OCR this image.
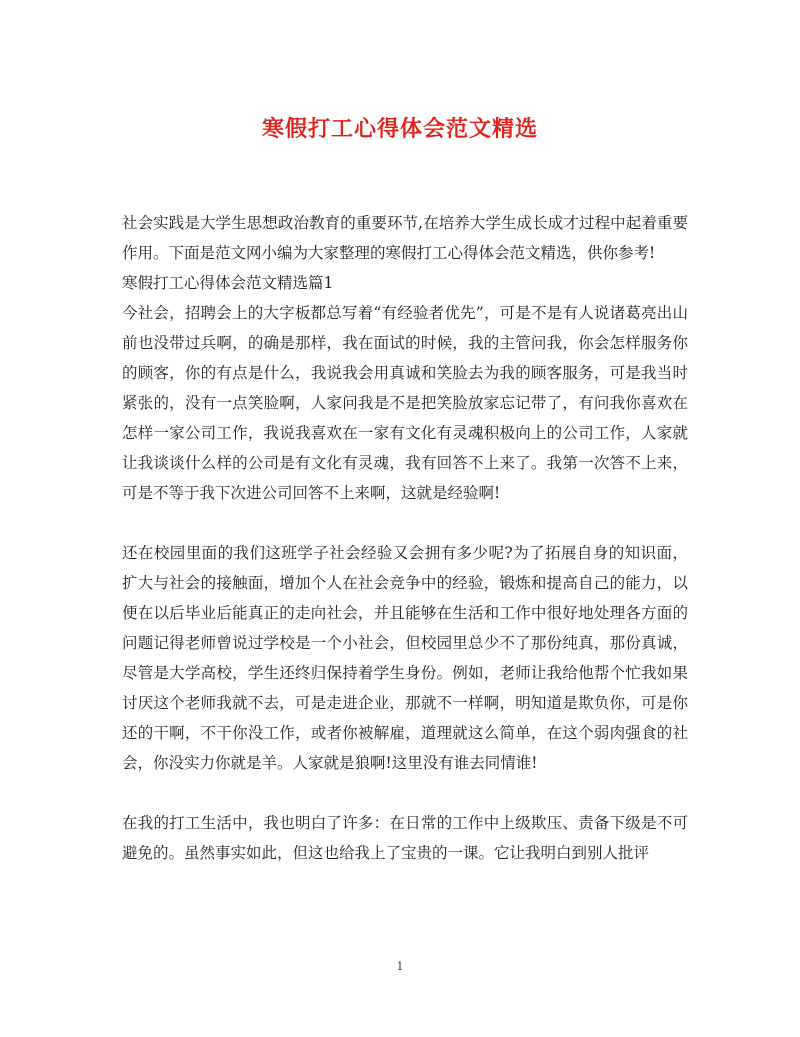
寒假打工心得体会范文精选

社会实践是大学生思想政治教育的重要环节,在培养大学生成长成才过程中起着重要作用。下面是范文网小编为大家整理的寒假打工心得体会范文精选，供你参考!

寒假打工心得体会范文精选篇1

今社会，招聘会上的大字板都总写着“有经验者优先”，可是不是有人说诸葛亮出山前也没带过兵啊，的确是那样，我在面试的时候，我的主管问我，你会怎样服务你的顾客，你的有点是什么，我说我会用真诚和笑脸去为我的顾客服务，可是我当时紧张的，没有一点笑脸啊，人家问我是不是把笑脸放家忘记带了，有问我你喜欢在怎样一家公司工作，我说我喜欢在一家有文化有灵魂积极向上的公司工作，人家就让我谈谈什么样的公司是有文化有灵魂，我有回答不上来了。我第一次答不上来，可是不等于我下次进公司回答不上来啊，这就是经验啊!

还在校园里面的我们这班学子社会经验又会拥有多少呢?为了拓展自身的知识面，扩大与社会的接触面，增加个人在社会竞争中的经验，锻炼和提高自己的能力，以便在以后毕业后能真正的走向社会，并且能够在生活和工作中很好地处理各方面的问题记得老师曾说过学校是一个小社会，但校园里总少不了那份纯真，那份真诚，尽管是大学高校，学生还终归保持着学生身份。例如，老师让我给他帮个忙我如果讨厌这个老师我就不去，可是走进企业，那就不一样啊，明知道是欺负你，可是你还的干啊，不干你没工作，或者你被解雇，道理就这么简单，在这个弱肉强食的社会，你没实力你就是羊。人家就是狼啊!这里没有谁去同情谁!

在我的打工生活中，我也明白了许多：在日常的工作中上级欺压、责备下级是不可避免的。虽然事实如此，但这也给我上了宝贵的一课。它让我明白到别人批评

1
